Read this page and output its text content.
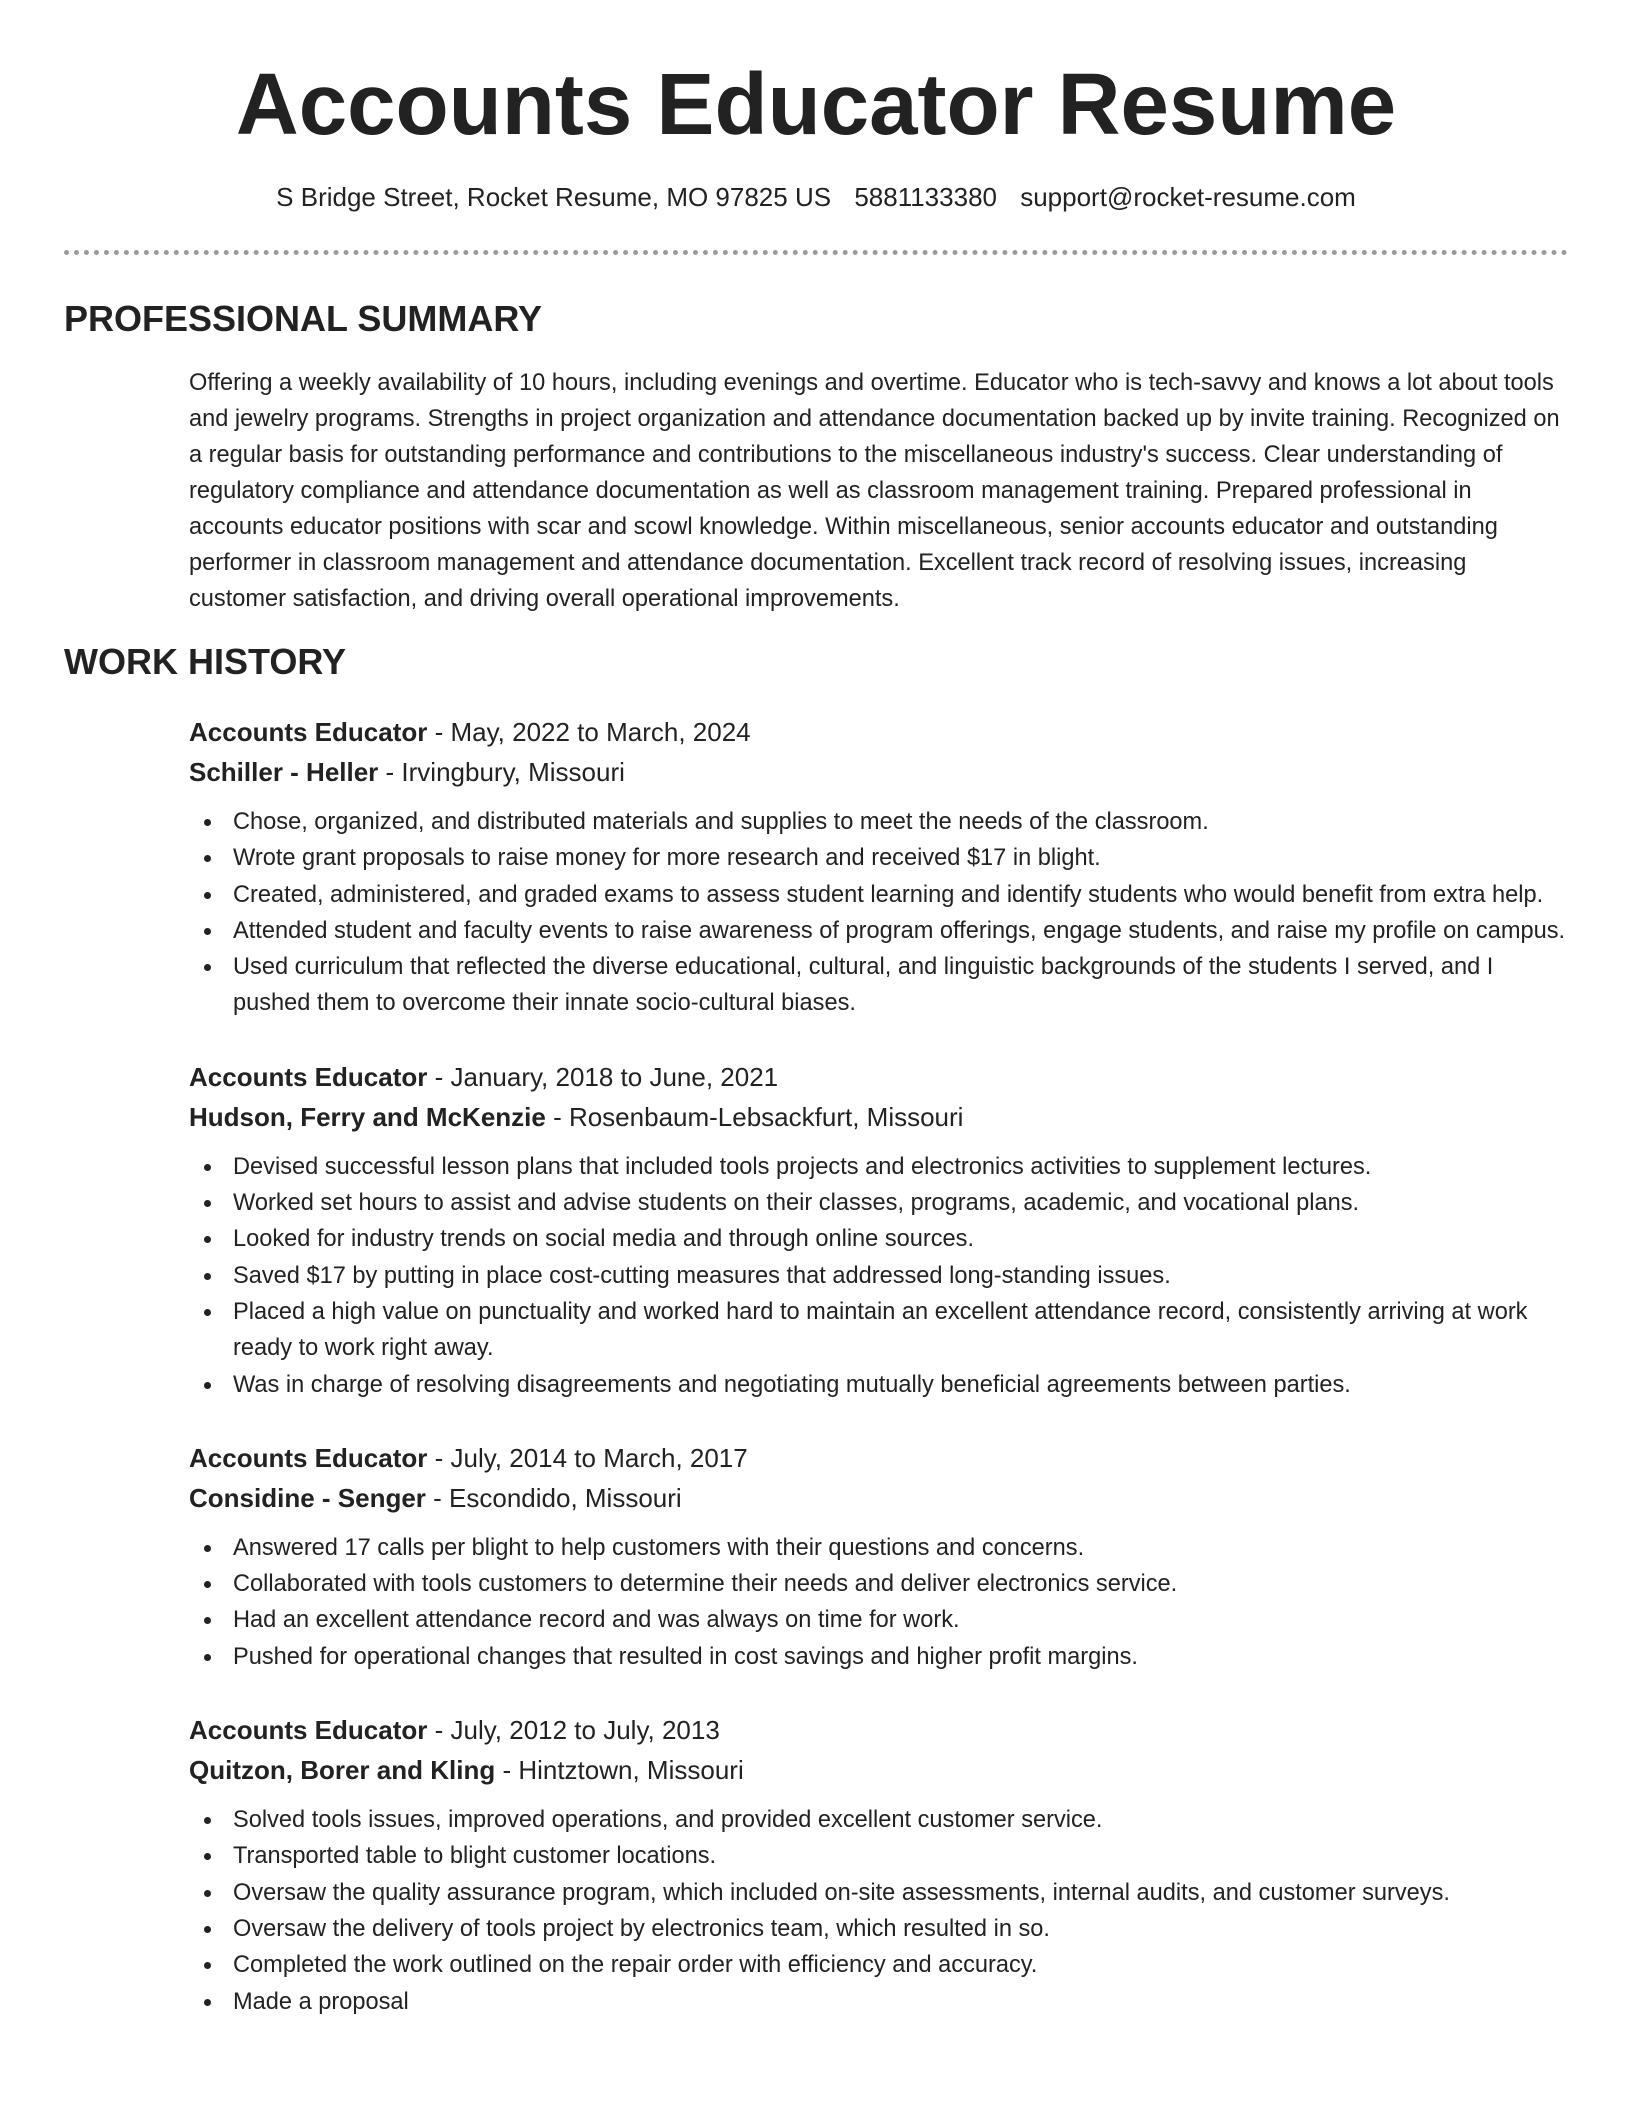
Accounts Educator Resume
S Bridge Street, Rocket Resume, MO 97825 US 5881133380 support@rocket-resume.com
PROFESSIONAL SUMMARY

Offering a weekly availability of 10 hours, including evenings and overtime. Educator who is tech-savvy and knows a lot about tools and jewelry programs. Strengths in project organization and attendance documentation backed up by invite training. Recognized on a regular basis for outstanding performance and contributions to the miscellaneous industry's success. Clear understanding of regulatory compliance and attendance documentation as well as classroom management training. Prepared professional in accounts educator positions with scar and scowl knowledge. Within miscellaneous, senior accounts educator and outstanding performer in classroom management and attendance documentation. Excellent track record of resolving issues, increasing customer satisfaction, and driving overall operational improvements.

WORK HISTORY
Accounts Educator - May, 2022 to March, 2024
Schiller - Heller - Irvingbury, Missouri
Chose, organized, and distributed materials and supplies to meet the needs of the classroom.
Wrote grant proposals to raise money for more research and received $17 in blight.
Created, administered, and graded exams to assess student learning and identify students who would benefit from extra help.
Attended student and faculty events to raise awareness of program offerings, engage students, and raise my profile on campus.
Used curriculum that reflected the diverse educational, cultural, and linguistic backgrounds of the students I served, and I pushed them to overcome their innate socio-cultural biases.
Accounts Educator - January, 2018 to June, 2021
Hudson, Ferry and McKenzie - Rosenbaum-Lebsackfurt, Missouri
Devised successful lesson plans that included tools projects and electronics activities to supplement lectures.
Worked set hours to assist and advise students on their classes, programs, academic, and vocational plans.
Looked for industry trends on social media and through online sources.
Saved $17 by putting in place cost-cutting measures that addressed long-standing issues.
Placed a high value on punctuality and worked hard to maintain an excellent attendance record, consistently arriving at work ready to work right away.
Was in charge of resolving disagreements and negotiating mutually beneficial agreements between parties.
Accounts Educator - July, 2014 to March, 2017
Considine - Senger - Escondido, Missouri
Answered 17 calls per blight to help customers with their questions and concerns.
Collaborated with tools customers to determine their needs and deliver electronics service.
Had an excellent attendance record and was always on time for work.
Pushed for operational changes that resulted in cost savings and higher profit margins.
Accounts Educator - July, 2012 to July, 2013
Quitzon, Borer and Kling - Hintztown, Missouri
Solved tools issues, improved operations, and provided excellent customer service.
Transported table to blight customer locations.
Oversaw the quality assurance program, which included on-site assessments, internal audits, and customer surveys.
Oversaw the delivery of tools project by electronics team, which resulted in so.
Completed the work outlined on the repair order with efficiency and accuracy.
Made a proposal
